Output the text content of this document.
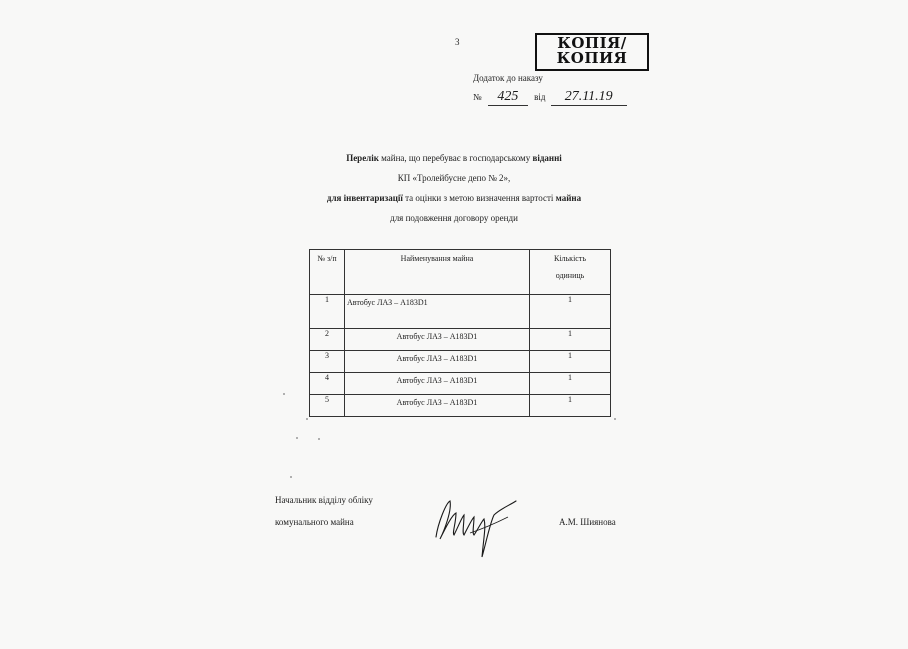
3	КОПІЯ/
КОПИЯ
Додаток до наказу
№ 425 від 27.11.19
Перелік майна, що перебуває в господарському віданні
КП «Тролейбусне депо № 2»,
для інвентаризації та оцінки з метою визначення вартості майна
для подовження договору оренди
№ з/п	Найменування майна	Кількість
одиниць

1	Автобус ЛАЗ – А183D1	1
2	Автобус ЛАЗ – А183D1	1
3	Автобус ЛАЗ – А183D1	1
4	Автобус ЛАЗ – А183D1	1
5	Автобус ЛАЗ – А183D1	1
Начальник відділу обліку
комунального майна	А.М. Шиянова
